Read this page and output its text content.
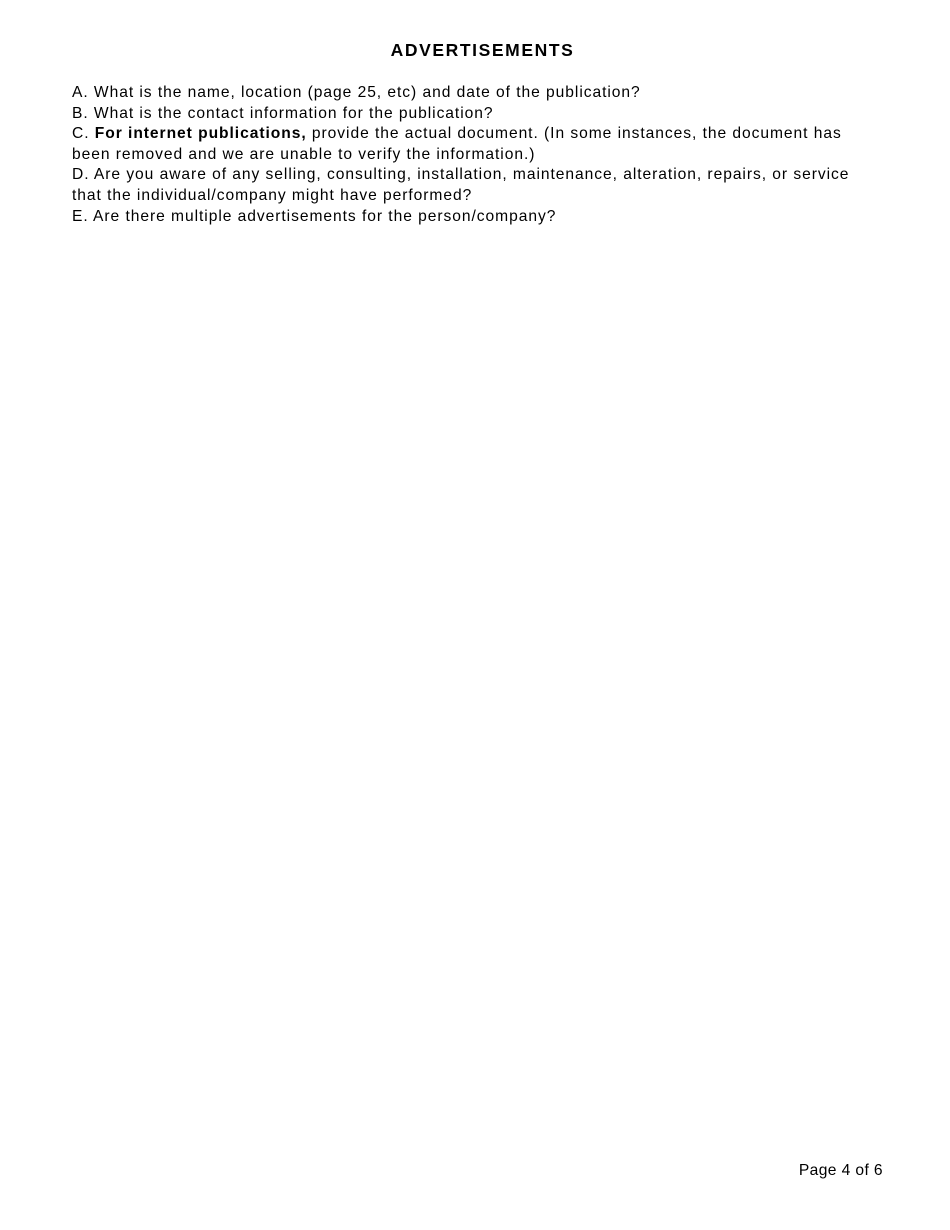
ADVERTISEMENTS

A. What is the name, location (page 25, etc) and date of the publication?

B. What is the contact information for the publication?

C. For internet publications, provide the actual document. (In some instances, the document has been removed and we are unable to verify the information.)

D. Are you aware of any selling, consulting, installation, maintenance, alteration, repairs, or service that the individual/company might have performed?

E. Are there multiple advertisements for the person/company?

Page 4 of 6
